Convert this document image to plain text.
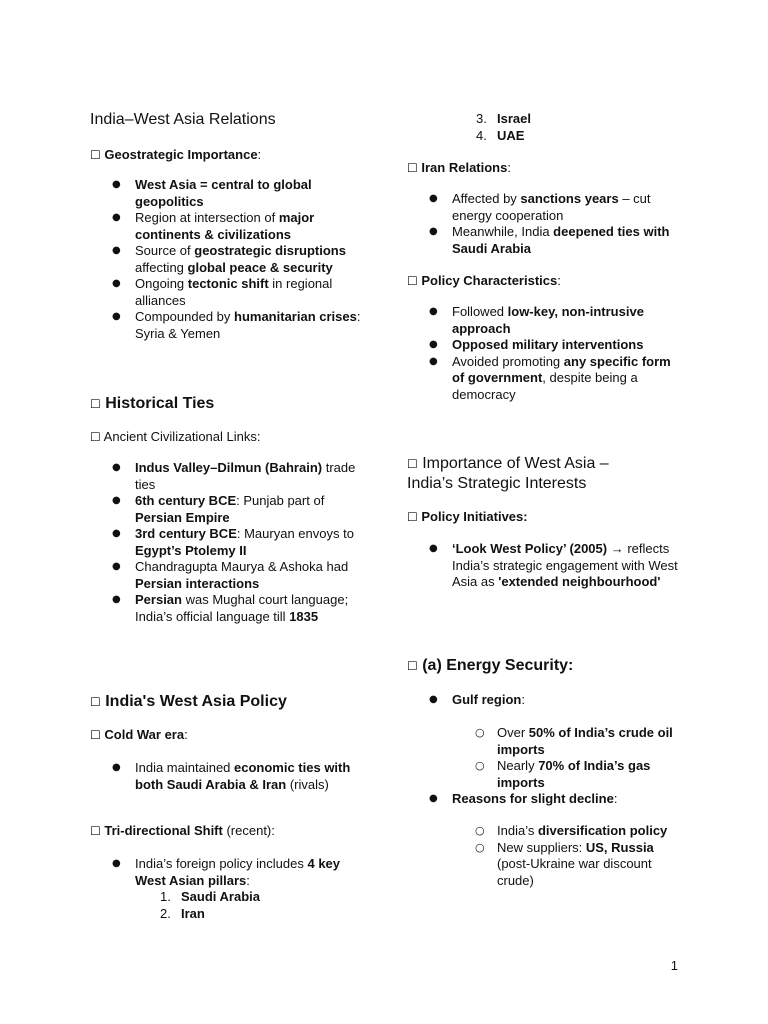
India–West Asia Relations
☐ Geostrategic Importance:
● West Asia = central to global geopolitics
● Region at intersection of major continents & civilizations
● Source of geostrategic disruptions affecting global peace & security
● Ongoing tectonic shift in regional alliances
● Compounded by humanitarian crises: Syria & Yemen
☐ Historical Ties
☐ Ancient Civilizational Links:
● Indus Valley–Dilmun (Bahrain) trade ties
● 6th century BCE: Punjab part of Persian Empire
● 3rd century BCE: Mauryan envoys to Egypt’s Ptolemy II
● Chandragupta Maurya & Ashoka had Persian interactions
● Persian was Mughal court language; India’s official language till 1835
☐ India's West Asia Policy
☐ Cold War era:
● India maintained economic ties with both Saudi Arabia & Iran (rivals)
☐ Tri-directional Shift (recent):
● India’s foreign policy includes 4 key West Asian pillars:
1. Saudi Arabia
2. Iran
3. Israel
4. UAE
☐ Iran Relations:
● Affected by sanctions years – cut energy cooperation
● Meanwhile, India deepened ties with Saudi Arabia
☐ Policy Characteristics:
● Followed low-key, non-intrusive approach
● Opposed military interventions
● Avoided promoting any specific form of government, despite being a democracy
☐ Importance of West Asia – India’s Strategic Interests
☐ Policy Initiatives:
● ‘Look West Policy’ (2005) → reflects India’s strategic engagement with West Asia as 'extended neighbourhood'
☐ (a) Energy Security:
● Gulf region:
○ Over 50% of India’s crude oil imports
○ Nearly 70% of India’s gas imports
● Reasons for slight decline:
○ India’s diversification policy
○ New suppliers: US, Russia (post-Ukraine war discount crude)
1
